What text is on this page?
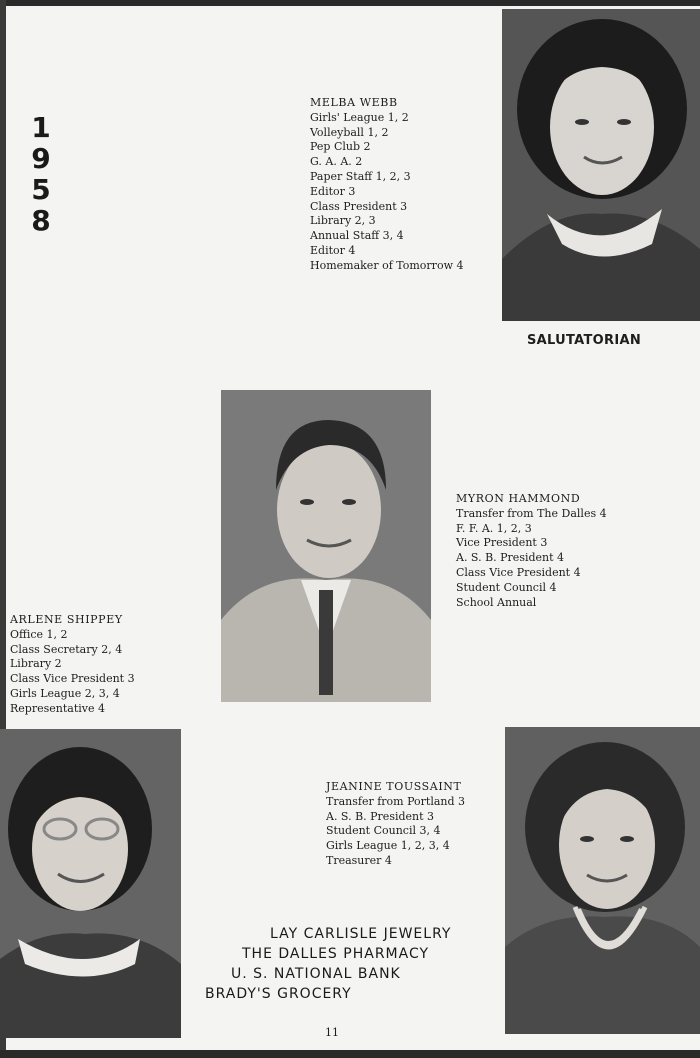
1
9
5
8
MELBA WEBB
Girls' League 1, 2
Volleyball 1, 2
Pep Club 2
G. A. A. 2
Paper Staff 1, 2, 3
Editor 3
Class President 3
Library 2, 3
Annual Staff 3, 4
Editor 4
Homemaker of Tomorrow 4
SALUTATORIAN
MYRON HAMMOND
Transfer from The Dalles 4
F. F. A. 1, 2, 3
Vice President 3
A. S. B. President 4
Class Vice President 4
Student Council 4
School Annual
ARLENE SHIPPEY
Office 1, 2
Class Secretary 2, 4
Library 2
Class Vice President 3
Girls League 2, 3, 4
Representative 4
JEANINE TOUSSAINT
Transfer from Portland 3
A. S. B. President 3
Student Council 3, 4
Girls League 1, 2, 3, 4
Treasurer 4
LAY CARLISLE JEWELRY
THE DALLES PHARMACY
U. S. NATIONAL BANK
BRADY'S GROCERY
11
